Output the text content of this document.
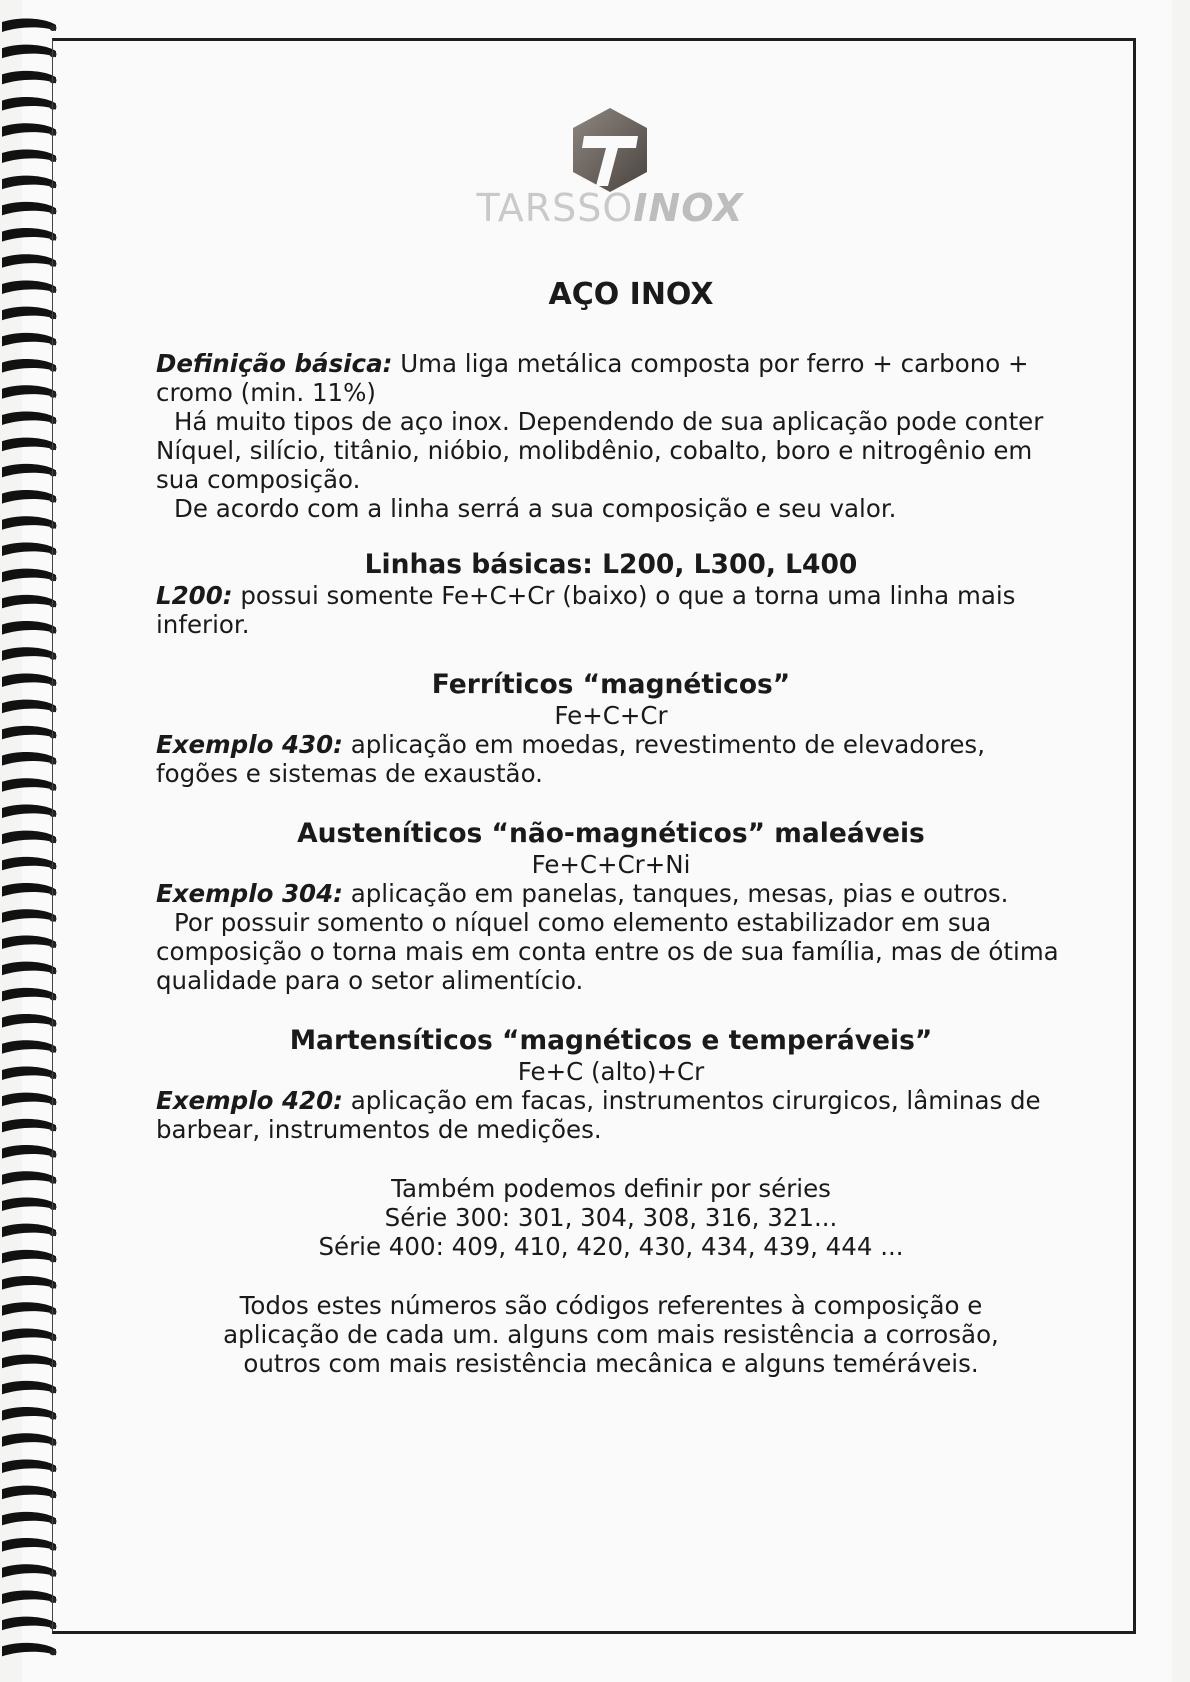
TARSSOINOX
AÇO INOX

Definição básica: Uma liga metálica composta por ferro + carbono + cromo (min. 11%)

Há muito tipos de aço inox. Dependendo de sua aplicação pode conter Níquel, silício, titânio, nióbio, molibdênio, cobalto, boro e nitrogênio em sua composição.

De acordo com a linha serrá a sua composição e seu valor.

Linhas básicas: L200, L300, L400

L200: possui somente Fe+C+Cr (baixo) o que a torna uma linha mais inferior.

Ferríticos “magnéticos”
Fe+C+Cr

Exemplo 430: aplicação em moedas, revestimento de elevadores, fogões e sistemas de exaustão.

Austeníticos “não-magnéticos” maleáveis
Fe+C+Cr+Ni

Exemplo 304: aplicação em panelas, tanques, mesas, pias e outros.

Por possuir somento o níquel como elemento estabilizador em sua composição o torna mais em conta entre os de sua família, mas de ótima qualidade para o setor alimentício.

Martensíticos “magnéticos e temperáveis”
Fe+C (alto)+Cr

Exemplo 420: aplicação em facas, instrumentos cirurgicos, lâminas de barbear, instrumentos de medições.

Também podemos definir por séries
Série 300: 301, 304, 308, 316, 321...
Série 400: 409, 410, 420, 430, 434, 439, 444 ...

Todos estes números são códigos referentes à composição e aplicação de cada um. alguns com mais resistência a corrosão, outros com mais resistência mecânica e alguns teméráveis.
